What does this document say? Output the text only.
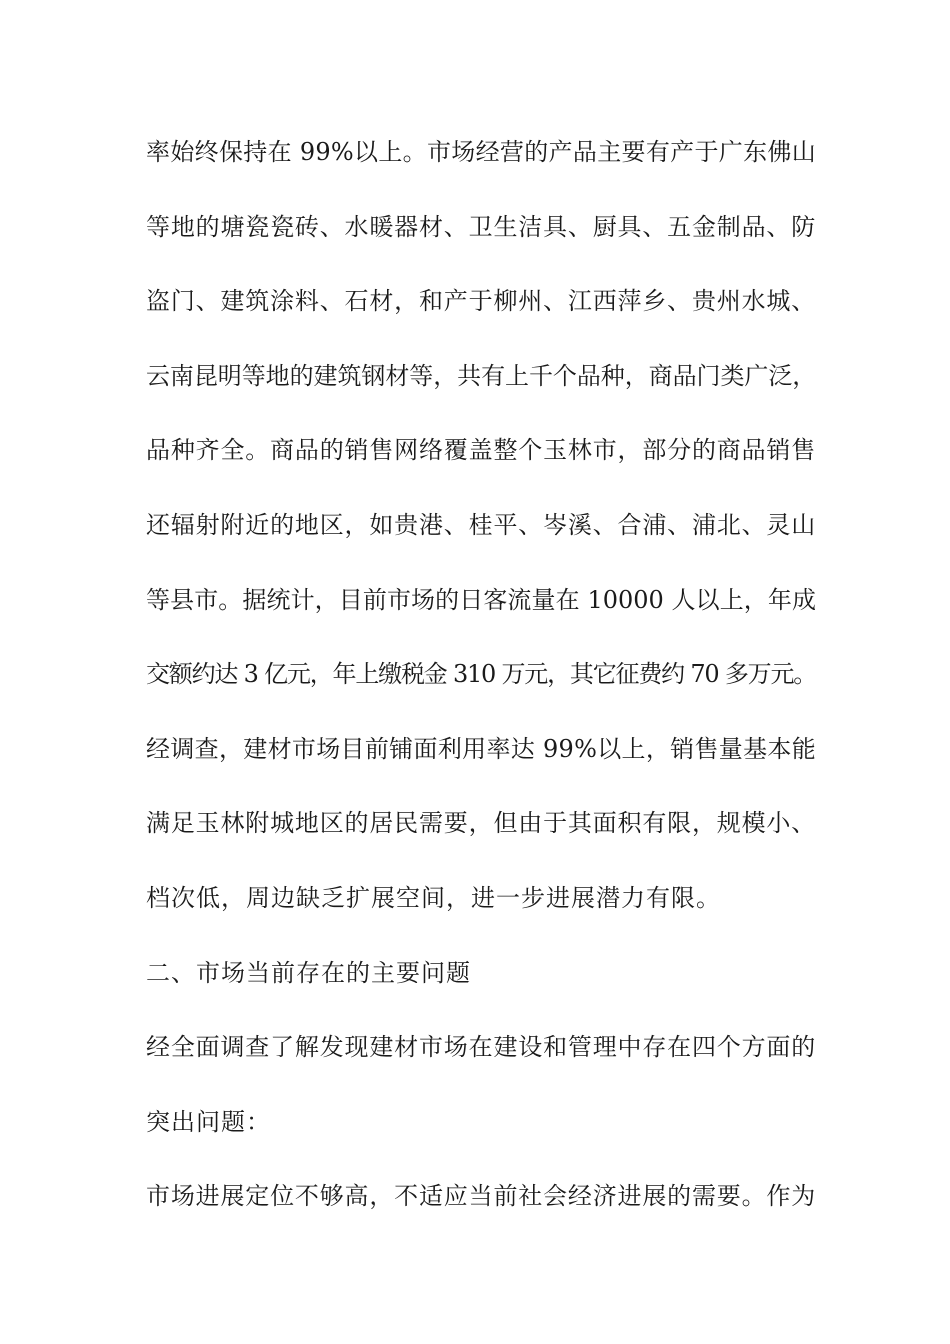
率始终保持在 99%以上。市场经营的产品主要有产于广东佛山
等地的塘瓷瓷砖、水暖器材、卫生洁具、厨具、五金制品、防
盗门、建筑涂料、石材，和产于柳州、江西萍乡、贵州水城、
云南昆明等地的建筑钢材等，共有上千个品种，商品门类广泛，
品种齐全。商品的销售网络覆盖整个玉林市，部分的商品销售
还辐射附近的地区，如贵港、桂平、岑溪、合浦、浦北、灵山
等县市。据统计，目前市场的日客流量在 10000 人以上，年成
交额约达 3 亿元，年上缴税金 310 万元，其它征费约 70 多万元。
经调查，建材市场目前铺面利用率达 99%以上，销售量基本能
满足玉林附城地区的居民需要，但由于其面积有限，规模小、
档次低，周边缺乏扩展空间，进一步进展潜力有限。
二、市场当前存在的主要问题
经全面调查了解发现建材市场在建设和管理中存在四个方面的
突出问题：
市场进展定位不够高，不适应当前社会经济进展的需要。作为
